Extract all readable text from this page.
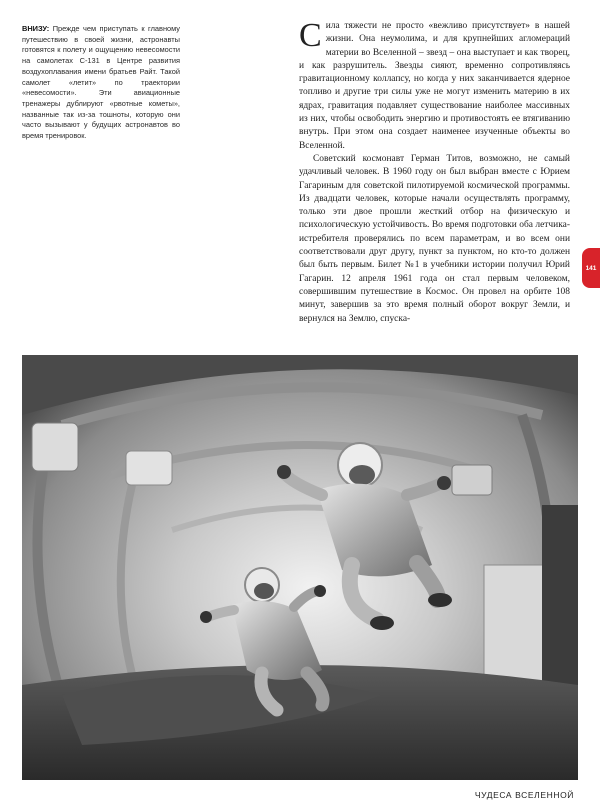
ВНИЗУ: Прежде чем приступать к главному путешествию в своей жизни, астронавты готовятся к полету и ощущению невесомости на самолетах С-131 в Центре развития воздухоплавания имени братьев Райт. Такой самолет «летит» по траектории «невесомости». Эти авиационные тренажеры дублируют «рвотные кометы», названные так из-за тошноты, которую они часто вызывают у будущих астронавтов во время тренировок.

Сила тяжести не просто «вежливо присутствует» в нашей жизни. Она неумолима, и для крупнейших агломераций материи во Вселенной – звезд – она выступает и как творец, и как разрушитель. Звезды сияют, временно сопротивляясь гравитационному коллапсу, но когда у них заканчивается ядерное топливо и другие три силы уже не могут изменить материю в их ядрах, гравитация подавляет существование наиболее массивных из них, чтобы освободить энергию и противостоять ее втягиванию внутрь. При этом она создает наименее изученные объекты во Вселенной.

Советский космонавт Герман Титов, возможно, не самый удачливый человек. В 1960 году он был выбран вместе с Юрием Гагариным для советской пилотируемой космической программы. Из двадцати человек, которые начали осуществлять программу, только эти двое прошли жесткий отбор на физическую и психологическую устойчивость. Во время подготовки оба летчика-истребителя проверялись по всем параметрам, и во всем они соответствовали друг другу, пункт за пунктом, но кто-то должен был быть первым. Билет №1 в учебники истории получил Юрий Гагарин. 12 апреля 1961 года он стал первым человеком, совершившим путешествие в Космос. Он провел на орбите 108 минут, завершив за это время полный оборот вокруг Земли, и вернулся на Землю, спуска-

141
ЧУДЕСА ВСЕЛЕННОЙ
